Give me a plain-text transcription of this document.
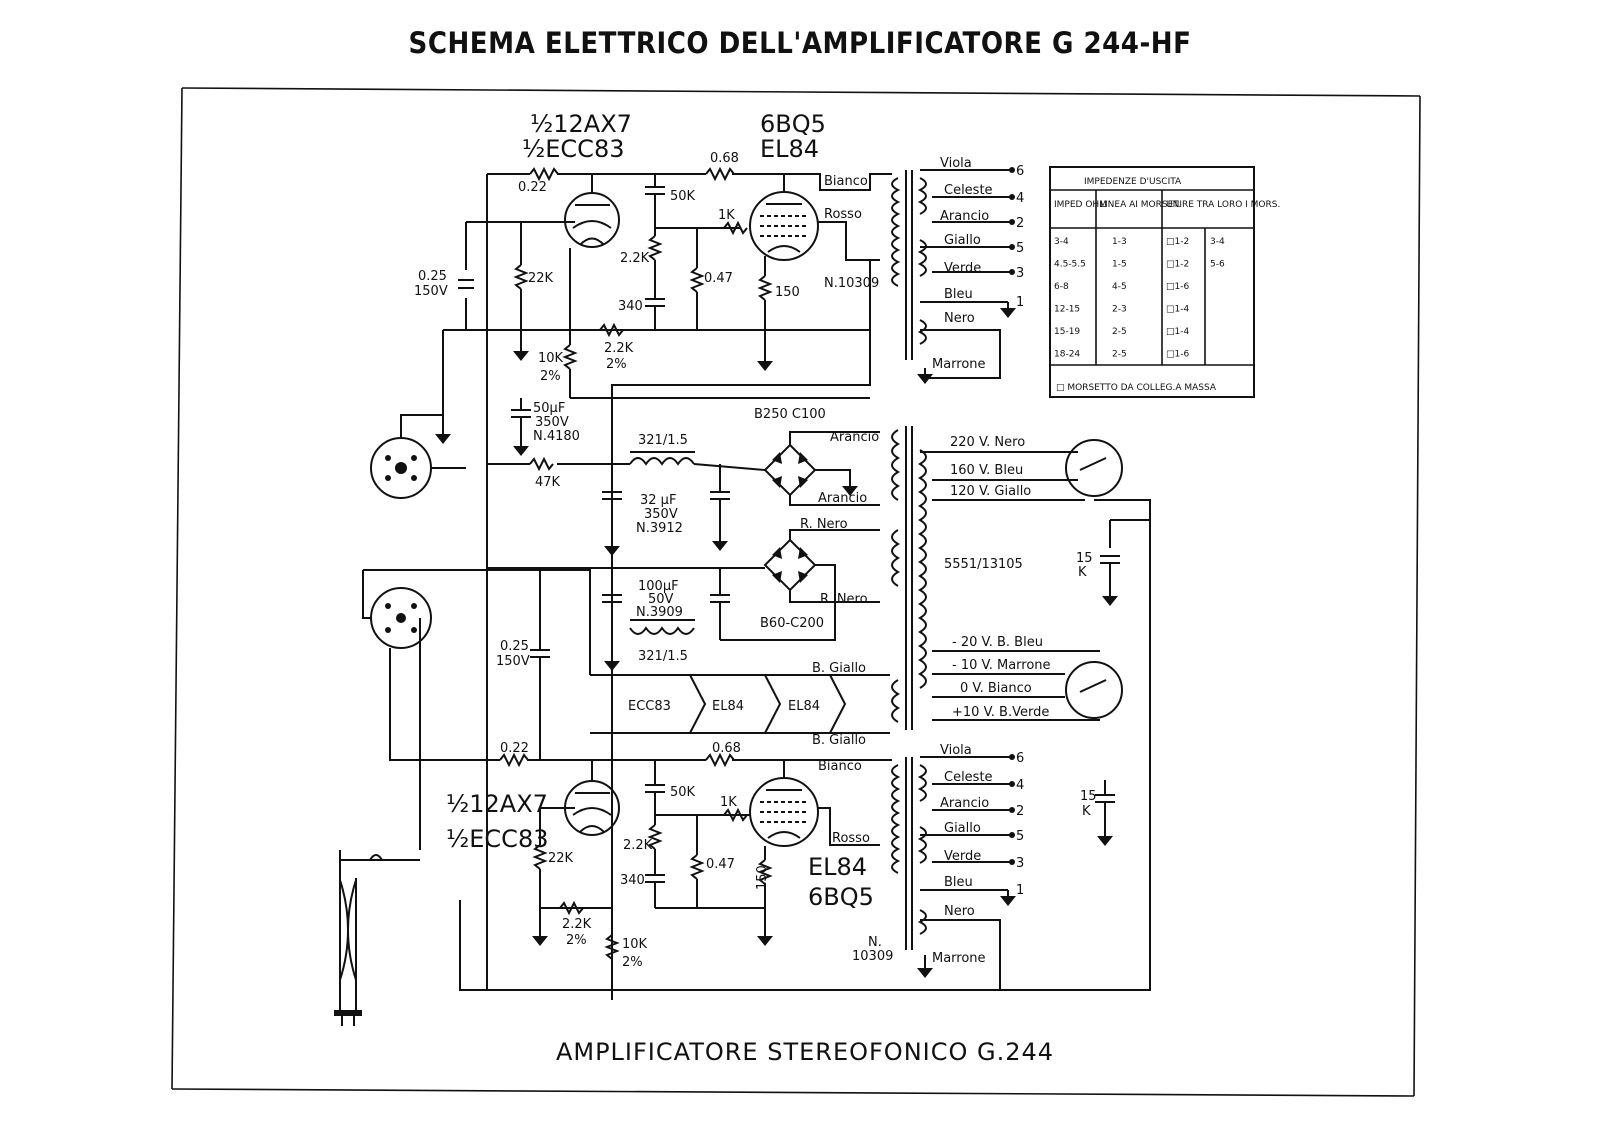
SCHEMA ELETTRICO DELL'AMPLIFICATORE G 244-HF
½12AX7
½ECC83
6BQ5
EL84
½12AX7
½ECC83
EL84
6BQ5
0.22
0.68
1K
50K
2.2K
0.47
340
150
22K
10K
2%
2.2K
2%
0.25
150V
N.10309
Bianco
Rosso
50μF
350V
N.4180
47K
321/1.5
32 μF
350V
N.3912
B250 C100
100μF
50V
N.3909
321/1.5
B60-C200
5551/13105
0.25
150V
15
K
ECC83	EL84	EL84
Arancio
Arancio
R. Nero
R. Nero
B. Giallo
B. Giallo
220 V. Nero
160 V. Bleu
120 V. Giallo
- 20 V. B. Bleu
- 10 V. Marrone
0 V. Bianco
+10 V. B.Verde
0.22	0.68
1K
50K
2.2K
0.47
340	150
22K
10K
2%
2.2K
2%	N.
10309
15
K
Bianco
Rosso
Viola
Celeste
Arancio
Giallo
Verde
Bleu
Nero
Marrone
6
4
2
5
3
1
Viola
Celeste
Arancio
Giallo
Verde
Bleu
Nero
Marrone
6
4
2
5
3
1
IMPEDENZE D'USCITA
IMPED OHM
LINEA AI MORSET.
UNIRE TRA LORO I MORS.
□ MORSETTO DA COLLEG.A MASSA
3-4	1-3	□1-2 3-4
4.5-5.5	1-5	□1-2 5-6
6-8	4-5	□1-6
12-15	2-3	□1-4
15-19	2-5	□1-4
18-24	2-5	□1-6
AMPLIFICATORE STEREOFONICO G.244
